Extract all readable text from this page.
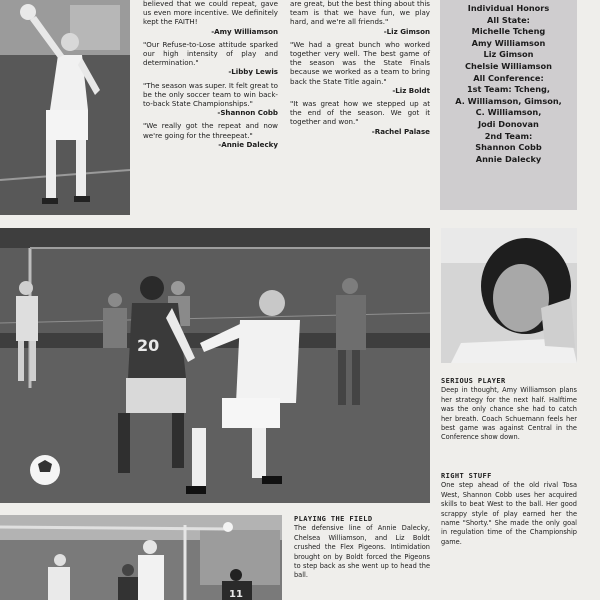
believed that we could repeat, gave us even more incentive. We definitely kept the FAITH!
-Amy Williamson
"Our Refuse-to-Lose attitude sparked our high intensity of play and determination."
-Libby Lewis
"The season was super. It felt great to be the only soccer team to win back-to-back State Championships."
-Shannon Cobb
"We really got the repeat and now we're going for the threepeat."
-Annie Dalecky
are great, but the best thing about this team is that we have fun, we play hard, and we're all friends."
-Liz Gimson
"We had a great bunch who worked together very well. The best game of the season was the State Finals because we worked as a team to bring back the State Title again."
-Liz Boldt
"It was great how we stepped up at the end of the season. We got it together and won."
-Rachel Palase
Individual Honors
All State:
Michelle Tcheng
Amy Williamson
Liz Gimson
Chelsie Williamson
All Conference:
1st Team: Tcheng,
A. Williamson, Gimson,
C. Williamson,
Jodi Donovan
2nd Team:
Shannon Cobb
Annie Dalecky
20
SERIOUS PLAYER
Deep in thought, Amy Williamson plans her strategy for the next half. Halftime was the only chance she had to catch her breath. Coach Schuemann feels her best game was against Central in the Conference show down.
RIGHT STUFF
One step ahead of the old rival Tosa West, Shannon Cobb uses her acquired skills to beat West to the ball. Her good scrappy style of play earned her the name "Shorty." She made the only goal in regulation time of the Championship game.
11
PLAYING THE FIELD
The defensive line of Annie Dalecky, Chelsea Williamson, and Liz Boldt crushed the Flex Pigeons. Intimidation brought on by Boldt forced the Pigeons to step back as she went up to head the ball.
